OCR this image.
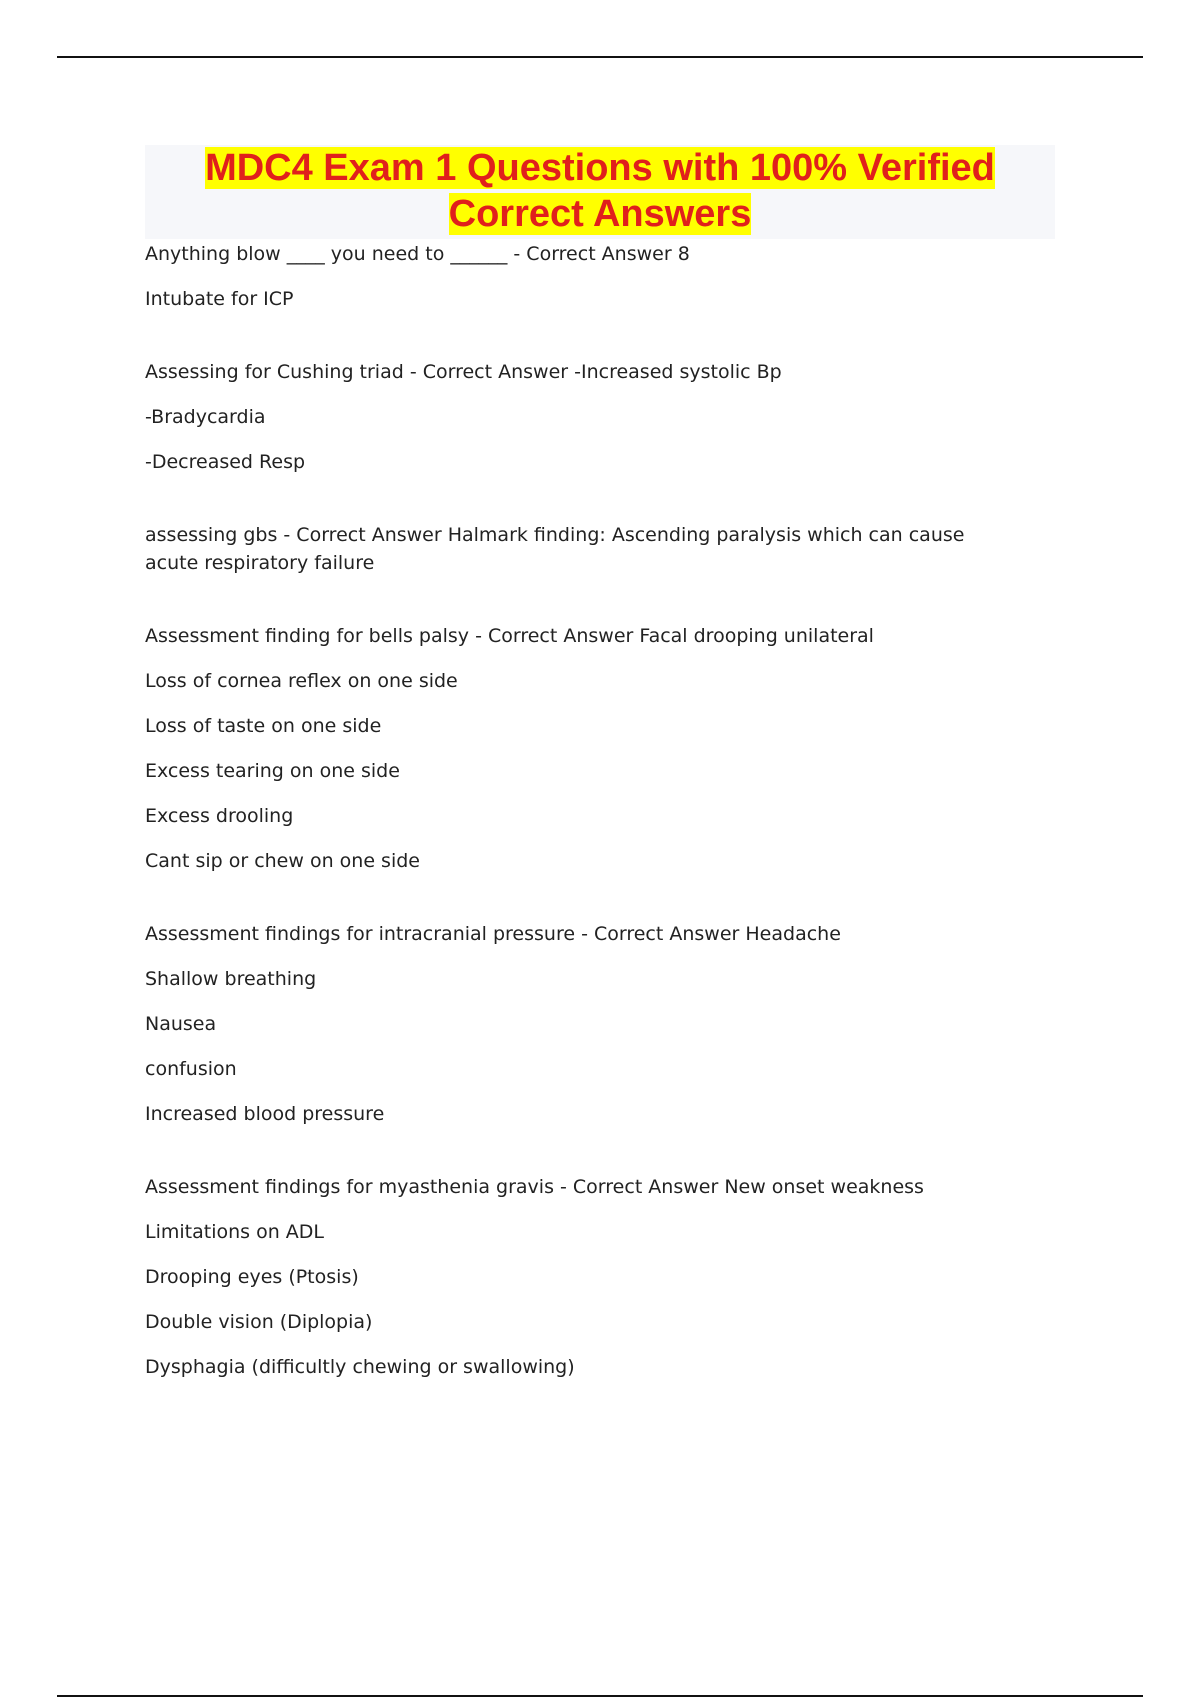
MDC4 Exam 1 Questions with 100% Verified
Correct Answers

Anything blow ____ you need to ______ - Correct Answer 8

Intubate for ICP

Assessing for Cushing triad - Correct Answer -Increased systolic Bp

-Bradycardia

-Decreased Resp

assessing gbs - Correct Answer Halmark finding: Ascending paralysis which can cause acute respiratory failure

Assessment finding for bells palsy - Correct Answer Facal drooping unilateral

Loss of cornea reflex on one side

Loss of taste on one side

Excess tearing on one side

Excess drooling

Cant sip or chew on one side

Assessment findings for intracranial pressure - Correct Answer Headache

Shallow breathing

Nausea

confusion

Increased blood pressure

Assessment findings for myasthenia gravis - Correct Answer New onset weakness

Limitations on ADL

Drooping eyes (Ptosis)

Double vision (Diplopia)

Dysphagia (difficultly chewing or swallowing)
